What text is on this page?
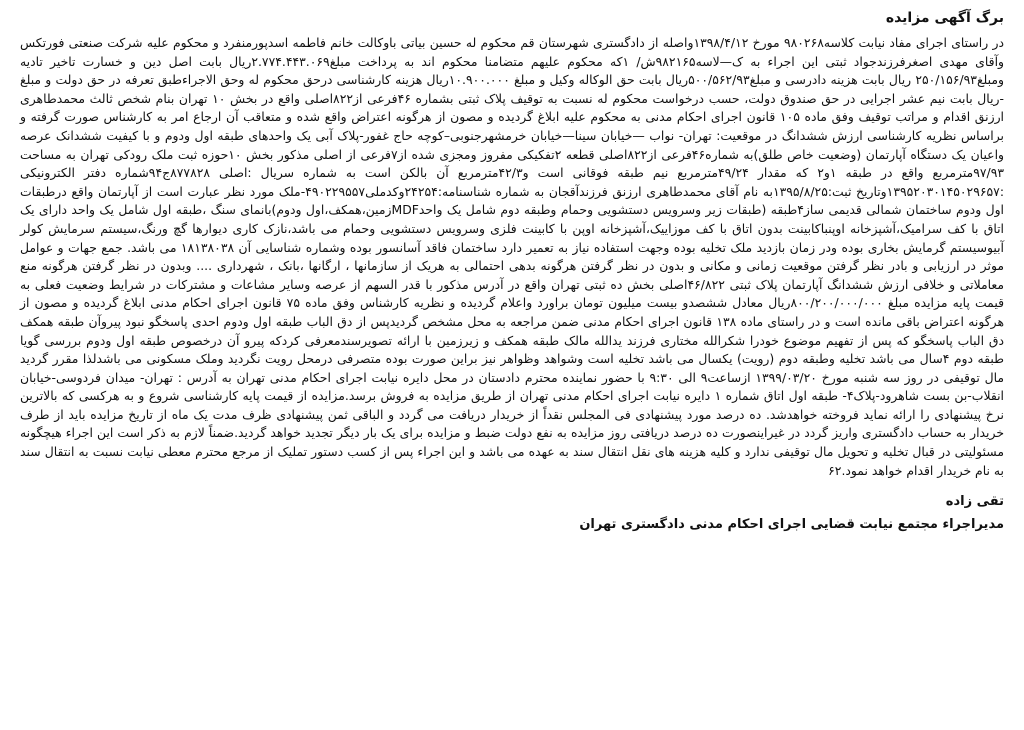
برگ آگهی مزایده

در راستای اجرای مفاد نیابت کلاسه۹۸۰۲۶۸ مورخ ۱۳۹۸/۴/۱۲واصله از دادگستری شهرستان قم محکوم له حسین بیاتی باوکالت خانم فاطمه اسدپورمنفرد و محکوم علیه شرکت صنعتی فورتکس وآقای مهدی اصغرفرزندجواد ثبتی این اجراء به ک—لاسه۹۸۲۱۶۵ش/ ۱که محکوم علیهم متضامنا محکوم اند به پرداخت مبلغ۲.۷۷۴.۴۴۳.۰۶۹ریال بابت اصل دین و خسارت تاخیر تادیه ومبلغ۲۵۰/۱۵۶/۹۳ ریال بابت هزینه دادرسی و مبلغ۵۰۰/۵۶۲/۹۳ریال بابت حق الوکاله وکیل و مبلغ ۱۰.۹۰۰.۰۰۰ریال هزینه کارشناسی درحق محکوم له وحق الاجراءطبق تعرفه در حق دولت و مبلغ -ریال بابت نیم عشر اجرایی در حق صندوق دولت، حسب درخواست محکوم له نسبت به توقیف پلاک ثبتی بشماره ۴۶فرعی از۸۲۲اصلی واقع در بخش ۱۰ تهران بنام شخص ثالث محمدطاهری ارزنق اقدام و مراتب توقیف وفق ماده ۱۰۵ قانون اجرای احکام مدنی به محکوم علیه ابلاغ گردیده و مصون از هرگونه اعتراض واقع شده و متعاقب آن ارجاع امر به کارشناس صورت گرفته و براساس نظریه کارشناسی ارزش ششدانگ در موقعیت: تهران- نواب —خیابان سینا—خیابان خرمشهرجنوبی–کوچه حاج غفور-پلاک آبی یک واحدهای طبقه اول ودوم و با کیفیت ششدانک عرصه واعیان یک دستگاه آپارتمان (وضعیت خاص طلق)به شماره۴۶فرعی از۸۲۲اصلی قطعه ۲تفکیکی مفروز ومجزی شده از۷فرعی از اصلی مذکور بخش ۱۰حوزه ثبت ملک رودکی تهران به مساحت ۹۷/۹۳مترمربع واقع در طبقه ۱و۲ که مقدار ۴۹/۲۴مترمربع نیم طبقه فوقانی است و۴۲/۳مترمربع آن بالکن است به شماره سریال :اصلی ۸۷۷۸۲۸ج۹۴شماره دفتر الکترونیکی :۱۳۹۵۲۰۳۰۱۴۵۰۲۹۶۵۷وتاریخ ثبت:۱۳۹۵/۸/۲۵به نام آقای محمدطاهری ارزنق فرزندآقجان به شماره شناسنامه:۲۴۲۵۴وکدملی۴۹۰۲۲۹۵۵۷-ملک مورد نظر عبارت است از آپارتمان واقع درطبقات اول ودوم ساختمان شمالی قدیمی ساز۴طبقه (طبقات زیر وسرویس دستشویی وحمام وطبقه دوم شامل یک واحدMDFزمین،همکف،اول ودوم)بانمای سنگ ،طبقه اول شامل یک واحد دارای یک اتاق با کف سرامیک،آشپزخانه اوپنباکابینت بدون اتاق با کف موزاییک،آشپزخانه اوپن با کابینت فلزی وسرویس دستشویی وحمام می باشد،نازک کاری دیوارها گچ ورنگ،سیستم سرمایش کولر آبیوسیستم گرمایش بخاری بوده ودر زمان بازدید ملک تخلیه بوده وجهت استفاده نیاز به تعمیر دارد ساختمان فاقد آسانسور بوده وشماره شناسایی آن ۱۸۱۳۸۰۳۸ می باشد. جمع جهات و عوامل موثر در ارزیابی و بادر نظر گرفتن موقعیت زمانی و مکانی و بدون در نظر گرفتن هرگونه بدهی احتمالی به هریک از سازمانها ، ارگانها ،بانک ، شهرداری .... وبدون در نظر گرفتن هرگونه منع معاملاتی و خلافی ارزش ششدانگ آپارتمان پلاک ثبتی ۴۶/۸۲۲اصلی بخش ده ثبتی تهران واقع در آدرس مذکور با قدر السهم از عرصه وسایر مشاعات و مشترکات در شرایط وضعیت فعلی به قیمت پایه مزایده مبلغ ۸۰۰/۲۰۰/۰۰۰/۰۰۰ریال معادل ششصدو بیست میلیون تومان براورد واعلام گردیده و نظریه کارشناس وفق ماده ۷۵ قانون اجرای احکام مدنی ابلاغ گردیده و مصون از هرگونه اعتراض باقی مانده است و در راستای ماده ۱۳۸ قانون اجرای احکام مدنی ضمن مراجعه به محل مشخص گردیدپس از دق الباب طبقه اول ودوم احدی پاسخگو نبود پیروآن طبقه همکف دق الباب پاسخگو که پس از تفهیم موضوع خودرا شکرالله مختاری فرزند یدالله مالک طبقه همکف و زیرزمین با ارائه تصویرسندمعرفی کردکه پیرو آن درخصوص طبقه اول ودوم بررسی گویا طبقه دوم ۴سال می باشد تخلیه وطبقه دوم (رویت) یکسال می باشد تخلیه است وشواهد وظواهر نیز براین صورت بوده متصرفی درمحل رویت نگردید وملک مسکونی می باشدلذا مقرر گردید مال توقیفی در روز سه شنبه مورخ ۱۳۹۹/۰۳/۲۰ ازساعت۹ الی ۹:۳۰ با حضور نماینده محترم دادستان در محل دایره نیابت اجرای احکام مدنی تهران به آدرس : تهران- میدان فردوسی-خیابان انقلاب-بن بست شاهرود-پلاک۴- طبقه اول اتاق شماره ۱ دایره نیابت اجرای احکام مدنی تهران از طریق مزایده به فروش برسد.مزایده از قیمت پایه کارشناسی شروع و به هرکسی که بالاترین نرخ پیشنهادی را ارائه نماید فروخته خواهدشد. ده درصد مورد پیشنهادی فی المجلس نقداً از خریدار دریافت می گردد و الباقی ثمن پیشنهادی ظرف مدت یک ماه از تاریخ مزایده باید از طرف خریدار به حساب دادگستری واریز گردد در غیراینصورت ده درصد دریافتی روز مزایده به نفع دولت ضبط و مزایده برای یک بار دیگر تجدید خواهد گردید.ضمناً لازم به ذکر است این اجراء هیچگونه مسئولیتی در قبال تخلیه و تحویل مال توقیفی ندارد و کلیه هزینه های نقل انتقال سند به عهده می باشد و این اجراء پس از کسب دستور تملیک از مرجع محترم معطی نیابت نسبت به انتقال سند به نام خریدار اقدام خواهد نمود.۶۲

تقی زاده
مدیراجراء مجتمع نیابت قضایی اجرای احکام مدنی دادگستری تهران
